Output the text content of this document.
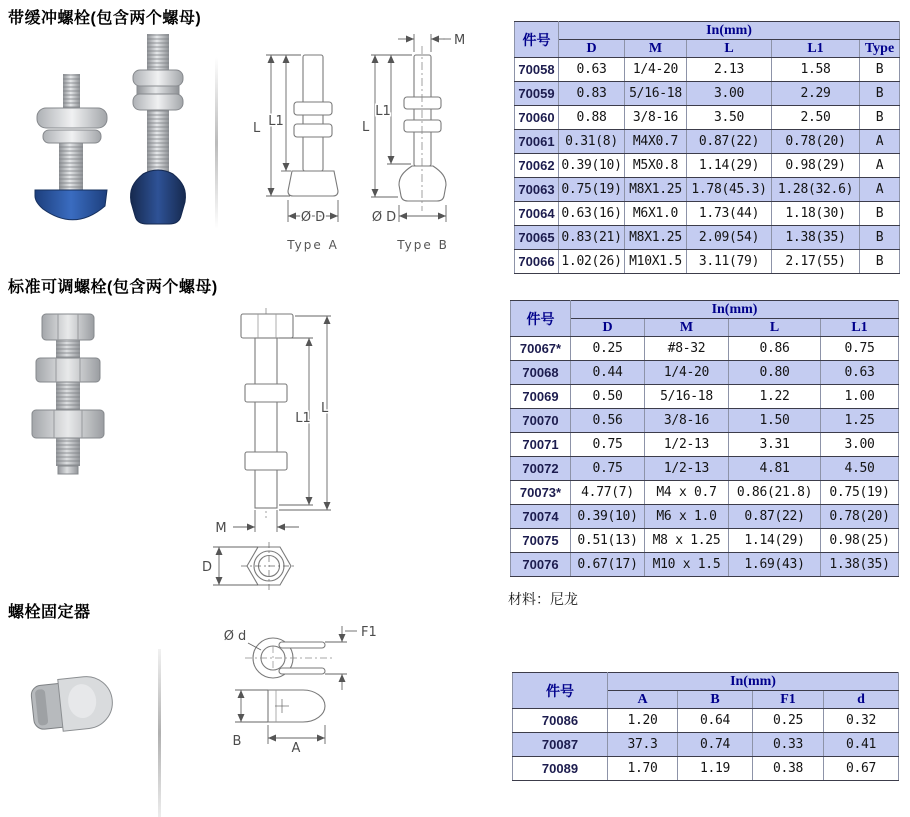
带缓冲螺栓(包含两个螺母)
标准可调螺栓(包含两个螺母)
螺栓固定器
L L1
Ø D
M
L
L1
Ø D
Type A	Type B
M
L1
L
D
材料：尼龙
Ø d	F1
B	A
件号	In(mm)				
	D	M	L	L1	Type
70058	0.63	1/4-20	2.13	1.58	B
70059	0.83	5/16-18	3.00	2.29	B
70060	0.88	3/8-16	3.50	2.50	B
70061	0.31(8)	M4X0.7	0.87(22)	0.78(20)	A
70062	0.39(10)	M5X0.8	1.14(29)	0.98(29)	A
70063	0.75(19)	M8X1.25	1.78(45.3)	1.28(32.6)	A
70064	0.63(16)	M6X1.0	1.73(44)	1.18(30)	B
70065	0.83(21)	M8X1.25	2.09(54)	1.38(35)	B
70066	1.02(26)	M10X1.5	3.11(79)	2.17(55)	B
件号	In(mm)			
	D	M	L	L1
70067*	0.25	#8-32	0.86	0.75
70068	0.44	1/4-20	0.80	0.63
70069	0.50	5/16-18	1.22	1.00
70070	0.56	3/8-16	1.50	1.25
70071	0.75	1/2-13	3.31	3.00
70072	0.75	1/2-13	4.81	4.50
70073*	4.77(7)	M4 x 0.7	0.86(21.8)	0.75(19)
70074	0.39(10)	M6 x 1.0	0.87(22)	0.78(20)
70075	0.51(13)	M8 x 1.25	1.14(29)	0.98(25)
70076	0.67(17)	M10 x 1.5	1.69(43)	1.38(35)
件号	In(mm)			
	A	B	F1	d
70086	1.20	0.64	0.25	0.32
70087	37.3	0.74	0.33	0.41
70089	1.70	1.19	0.38	0.67
